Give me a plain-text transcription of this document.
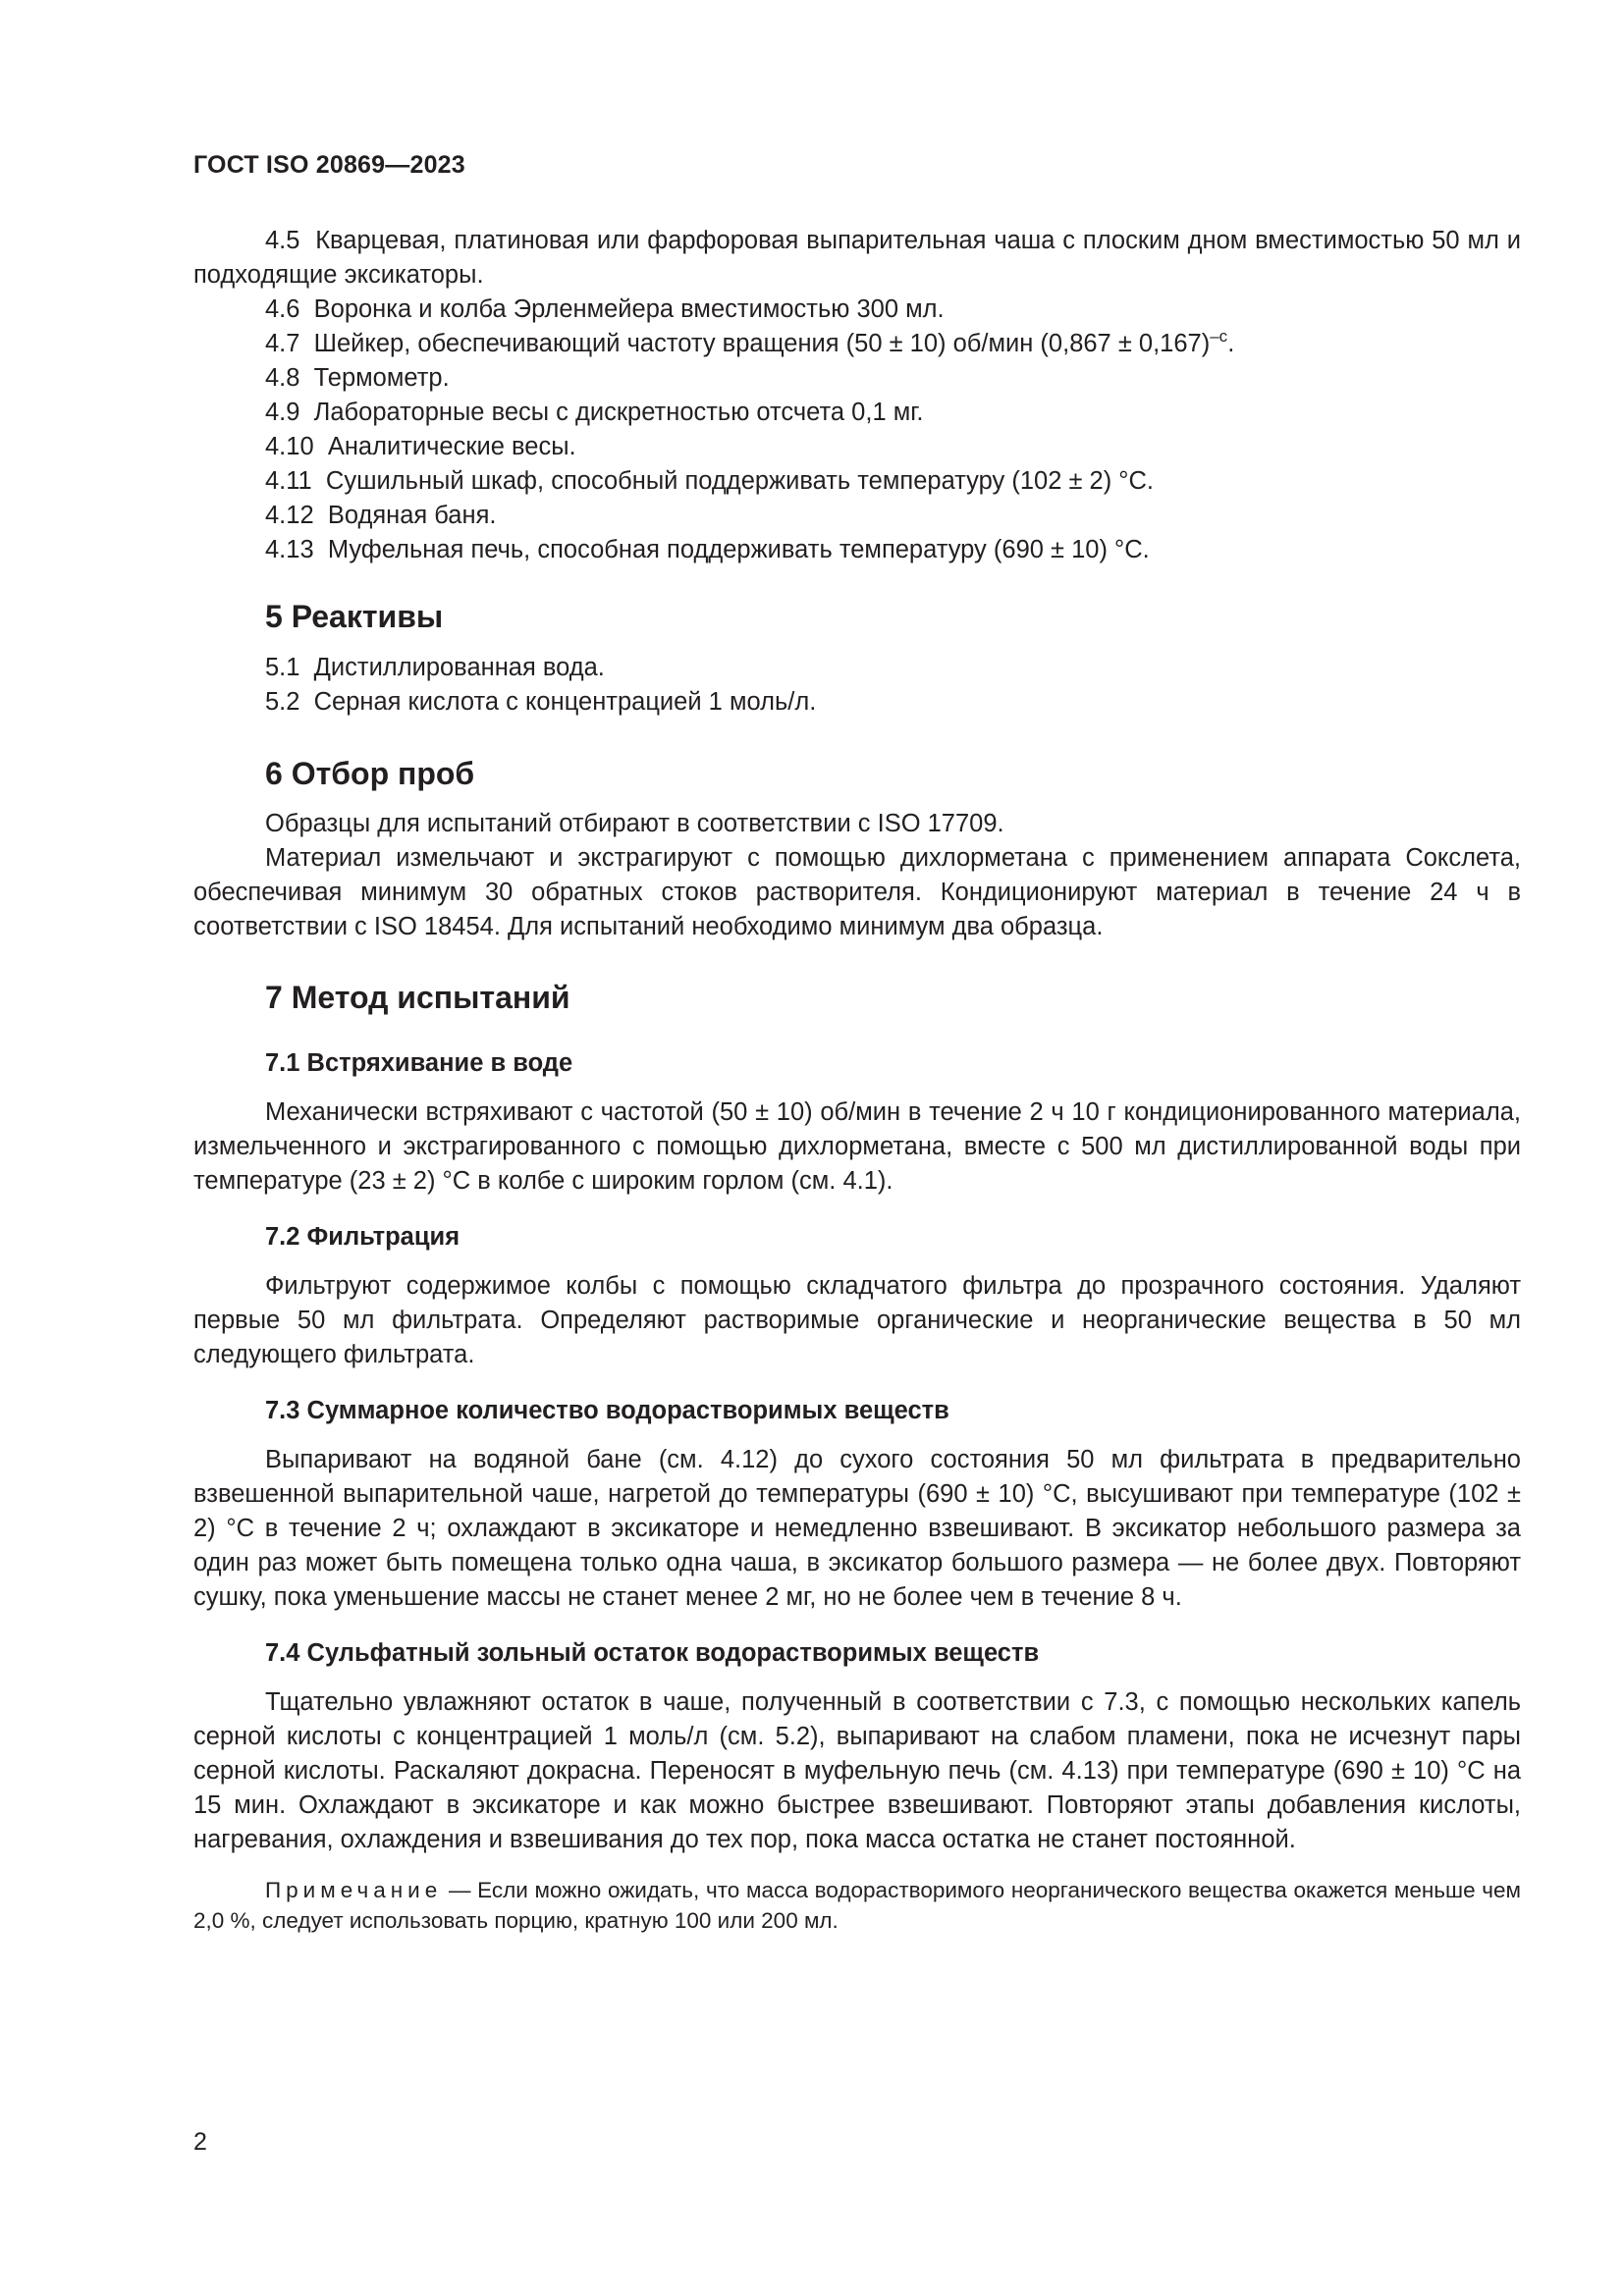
ГОСТ ISO 20869—2023

4.5 Кварцевая, платиновая или фарфоровая выпарительная чаша с плоским дном вместимостью 50 мл и подходящие эксикаторы.

4.6 Воронка и колба Эрленмейера вместимостью 300 мл.

4.7 Шейкер, обеспечивающий частоту вращения (50 ± 10) об/мин $(0,867 \pm 0,167)^{-с}$.

4.8 Термометр.

4.9 Лабораторные весы с дискретностью отсчета 0,1 мг.

4.10 Аналитические весы.

4.11 Сушильный шкаф, способный поддерживать температуру (102 ± 2) °С.

4.12 Водяная баня.

4.13 Муфельная печь, способная поддерживать температуру (690 ± 10) °С.

5 Реактивы

5.1 Дистиллированная вода.

5.2 Серная кислота с концентрацией 1 моль/л.

6 Отбор проб

Образцы для испытаний отбирают в соответствии с ISO 17709.

Материал измельчают и экстрагируют с помощью дихлорметана с применением аппарата Сокслета, обеспечивая минимум 30 обратных стоков растворителя. Кондиционируют материал в течение 24 ч в соответствии с ISO 18454. Для испытаний необходимо минимум два образца.

7 Метод испытаний
7.1 Встряхивание в воде

Механически встряхивают с частотой (50 ± 10) об/мин в течение 2 ч 10 г кондиционированного материала, измельченного и экстрагированного с помощью дихлорметана, вместе с 500 мл дистиллированной воды при температуре (23 ± 2) °С в колбе с широким горлом (см. 4.1).

7.2 Фильтрация

Фильтруют содержимое колбы с помощью складчатого фильтра до прозрачного состояния. Удаляют первые 50 мл фильтрата. Определяют растворимые органические и неорганические вещества в 50 мл следующего фильтрата.

7.3 Суммарное количество водорастворимых веществ

Выпаривают на водяной бане (см. 4.12) до сухого состояния 50 мл фильтрата в предварительно взвешенной выпарительной чаше, нагретой до температуры (690 ± 10) °С, высушивают при температуре (102 ± 2) °С в течение 2 ч; охлаждают в эксикаторе и немедленно взвешивают. В эксикатор небольшого размера за один раз может быть помещена только одна чаша, в эксикатор большого размера — не более двух. Повторяют сушку, пока уменьшение массы не станет менее 2 мг, но не более чем в течение 8 ч.

7.4 Сульфатный зольный остаток водорастворимых веществ

Тщательно увлажняют остаток в чаше, полученный в соответствии с 7.3, с помощью нескольких капель серной кислоты с концентрацией 1 моль/л (см. 5.2), выпаривают на слабом пламени, пока не исчезнут пары серной кислоты. Раскаляют докрасна. Переносят в муфельную печь (см. 4.13) при температуре (690 ± 10) °С на 15 мин. Охлаждают в эксикаторе и как можно быстрее взвешивают. Повторяют этапы добавления кислоты, нагревания, охлаждения и взвешивания до тех пор, пока масса остатка не станет постоянной.

Примечание — Если можно ожидать, что масса водорастворимого неорганического вещества окажется меньше чем 2,0 %, следует использовать порцию, кратную 100 или 200 мл.

2
